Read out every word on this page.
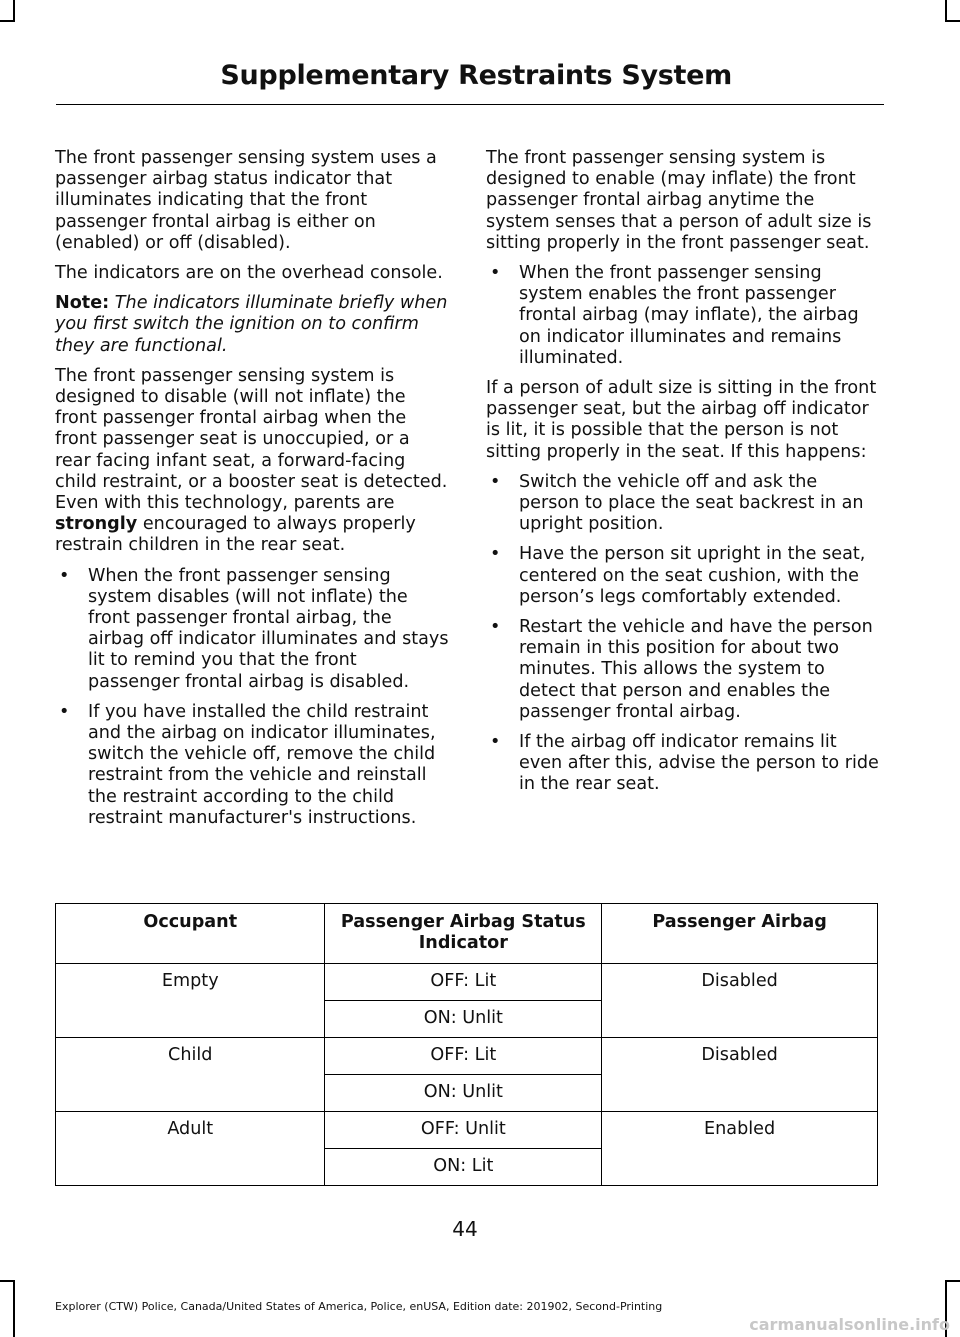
Supplementary Restraints System

The front passenger sensing system uses a passenger airbag status indicator that illuminates indicating that the front passenger frontal airbag is either on (enabled) or off (disabled).

The indicators are on the overhead console.

Note: The indicators illuminate briefly when you first switch the ignition on to confirm they are functional.

The front passenger sensing system is designed to disable (will not inflate) the front passenger frontal airbag when the front passenger seat is unoccupied, or a rear facing infant seat, a forward-facing child restraint, or a booster seat is detected. Even with this technology, parents are strongly encouraged to always properly restrain children in the rear seat.

• When the front passenger sensing system disables (will not inflate) the front passenger frontal airbag, the airbag off indicator illuminates and stays lit to remind you that the front passenger frontal airbag is disabled.
• If you have installed the child restraint and the airbag on indicator illuminates, switch the vehicle off, remove the child restraint from the vehicle and reinstall the restraint according to the child restraint manufacturer's instructions.

The front passenger sensing system is designed to enable (may inflate) the front passenger frontal airbag anytime the system senses that a person of adult size is sitting properly in the front passenger seat.

• When the front passenger sensing system enables the front passenger frontal airbag (may inflate), the airbag on indicator illuminates and remains illuminated.

If a person of adult size is sitting in the front passenger seat, but the airbag off indicator is lit, it is possible that the person is not sitting properly in the seat. If this happens:

• Switch the vehicle off and ask the person to place the seat backrest in an upright position.
• Have the person sit upright in the seat, centered on the seat cushion, with the person’s legs comfortably extended.
• Restart the vehicle and have the person remain in this position for about two minutes. This allows the system to detect that person and enables the passenger frontal airbag.
• If the airbag off indicator remains lit even after this, advise the person to ride in the rear seat.
Occupant	Passenger Airbag Status Indicator	Passenger Airbag
Empty	OFF: Lit	Disabled
	ON: Unlit	
Child	OFF: Lit	Disabled
	ON: Unlit	
Adult	OFF: Unlit	Enabled
	ON: Lit	
44
Explorer (CTW) Police, Canada/United States of America, Police, enUSA, Edition date: 201902, Second-Printing
carmanualsonline.info
